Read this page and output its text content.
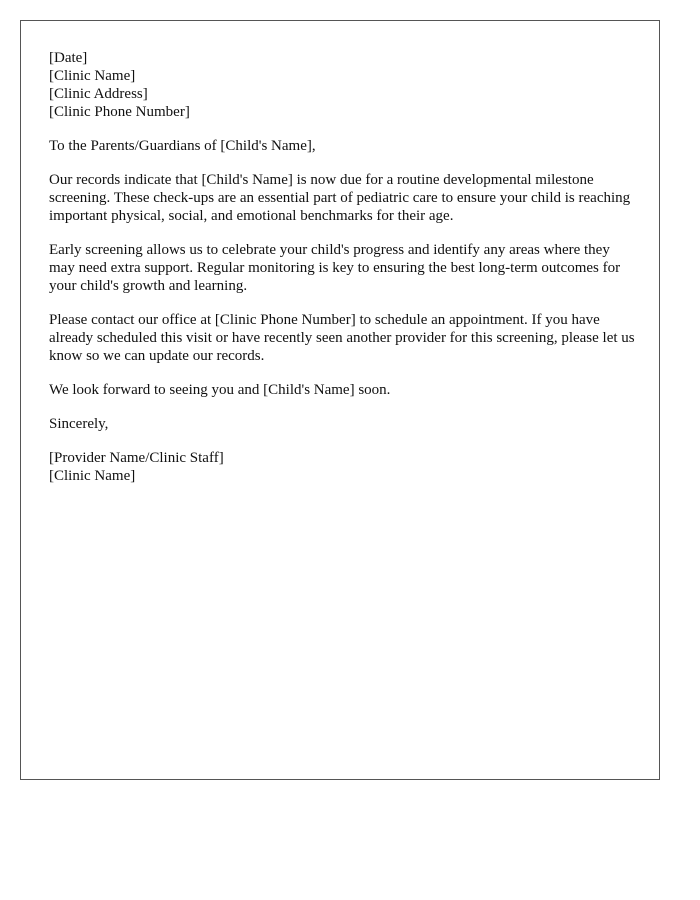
[Date]
[Clinic Name]
[Clinic Address]
[Clinic Phone Number]

To the Parents/Guardians of [Child's Name],

Our records indicate that [Child's Name] is now due for a routine developmental milestone screening. These check-ups are an essential part of pediatric care to ensure your child is reaching important physical, social, and emotional benchmarks for their age.

Early screening allows us to celebrate your child's progress and identify any areas where they may need extra support. Regular monitoring is key to ensuring the best long-term outcomes for your child's growth and learning.

Please contact our office at [Clinic Phone Number] to schedule an appointment. If you have already scheduled this visit or have recently seen another provider for this screening, please let us know so we can update our records.

We look forward to seeing you and [Child's Name] soon.

Sincerely,

[Provider Name/Clinic Staff]
[Clinic Name]
